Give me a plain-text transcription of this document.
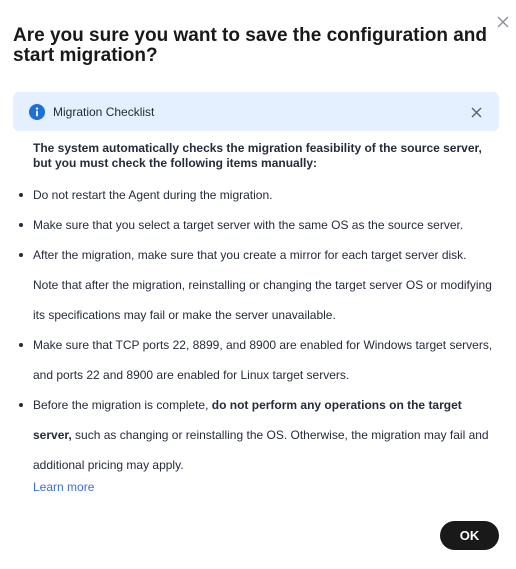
Are you sure you want to save the configuration and start migration?
Migration Checklist
The system automatically checks the migration feasibility of the source server, but you must check the following items manually:
Do not restart the Agent during the migration.
Make sure that you select a target server with the same OS as the source server.
After the migration, make sure that you create a mirror for each target server disk. Note that after the migration, reinstalling or changing the target server OS or modifying its specifications may fail or make the server unavailable.
Make sure that TCP ports 22, 8899, and 8900 are enabled for Windows target servers, and ports 22 and 8900 are enabled for Linux target servers.
Before the migration is complete, do not perform any operations on the target server, such as changing or reinstalling the OS. Otherwise, the migration may fail and additional pricing may apply.
Learn more
OK
